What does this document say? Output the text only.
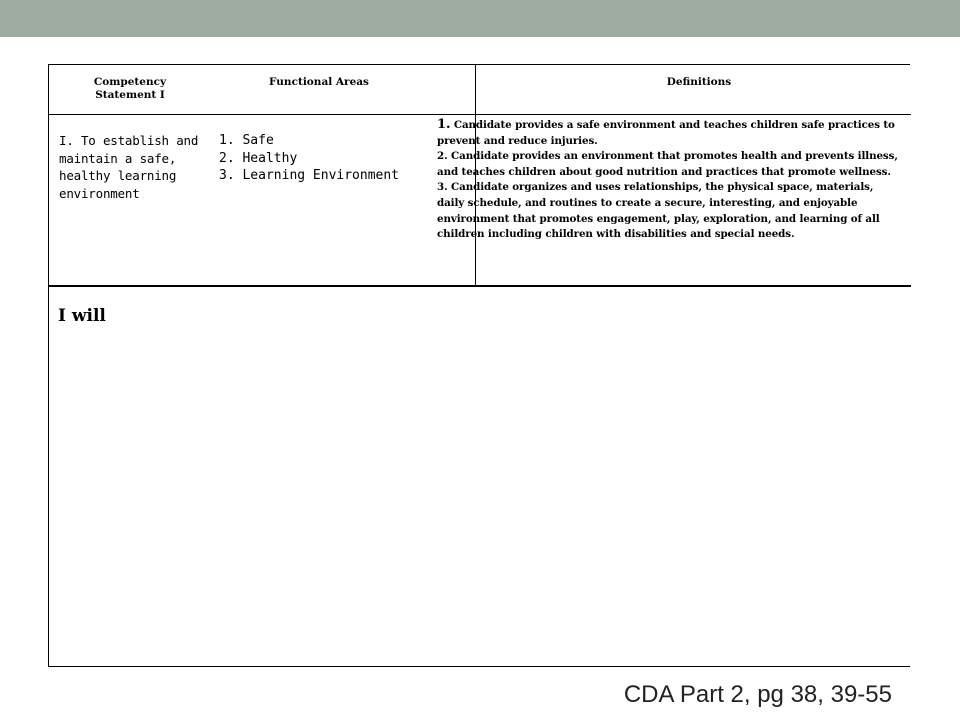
Competency
Statement I
Functional Areas	Definitions
I. To establish and maintain a safe, healthy learning environment
1. Safe
2. Healthy
3. Learning Environment
1. Candidate provides a safe environment and teaches children safe practices to prevent and reduce injuries.
2. Candidate provides an environment that promotes health and prevents illness, and teaches children about good nutrition and practices that promote wellness.
3. Candidate organizes and uses relationships, the physical space, materials, daily schedule, and routines to create a secure, interesting, and enjoyable environment that promotes engagement, play, exploration, and learning of all children including children with disabilities and special needs.
I will
CDA Part 2, pg 38, 39-55
